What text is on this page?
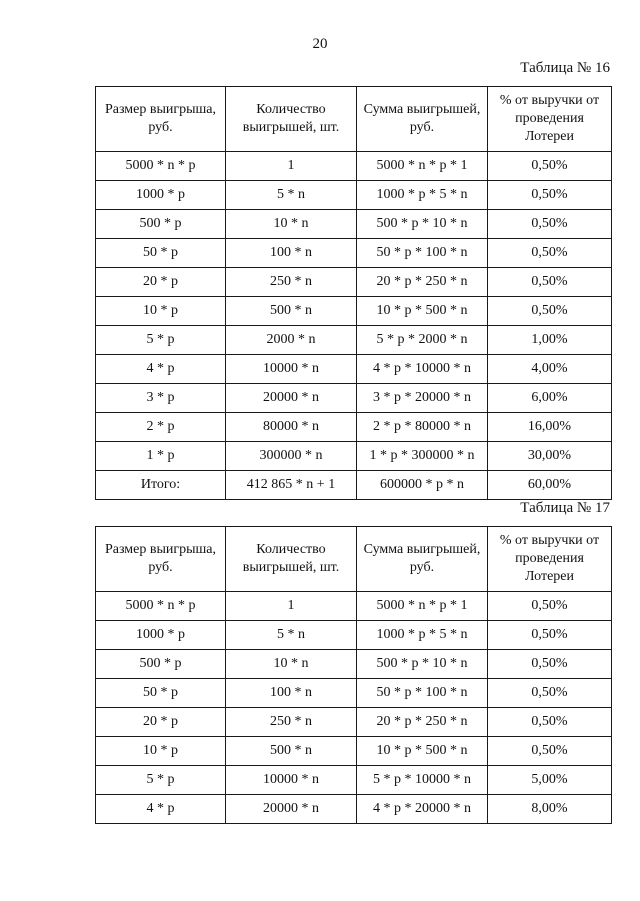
20
Таблица № 16
Размер выигрыша, руб.	Количество выигрышей, шт.	Сумма выигрышей, руб.	% от выручки от проведения Лотереи
5000 * n * p	1	5000 * n * p * 1	0,50%
1000 * p	5 * n	1000 * p * 5 * n	0,50%
500 * p	10 * n	500 * p * 10 * n	0,50%
50 * p	100 * n	50 * p * 100 * n	0,50%
20 * p	250 * n	20 * p * 250 * n	0,50%
10 * p	500 * n	10 * p * 500 * n	0,50%
5 * p	2000 * n	5 * p * 2000 * n	1,00%
4 * p	10000 * n	4 * p * 10000 * n	4,00%
3 * p	20000 * n	3 * p * 20000 * n	6,00%
2 * p	80000 * n	2 * p * 80000 * n	16,00%
1 * p	300000 * n	1 * p * 300000 * n	30,00%
Итого:	412 865 * n + 1	600000 * p * n	60,00%
Таблица № 17
Размер выигрыша, руб.	Количество выигрышей, шт.	Сумма выигрышей, руб.	% от выручки от проведения Лотереи
5000 * n * p	1	5000 * n * p * 1	0,50%
1000 * p	5 * n	1000 * p * 5 * n	0,50%
500 * p	10 * n	500 * p * 10 * n	0,50%
50 * p	100 * n	50 * p * 100 * n	0,50%
20 * p	250 * n	20 * p * 250 * n	0,50%
10 * p	500 * n	10 * p * 500 * n	0,50%
5 * p	10000 * n	5 * p * 10000 * n	5,00%
4 * p	20000 * n	4 * p * 20000 * n	8,00%
